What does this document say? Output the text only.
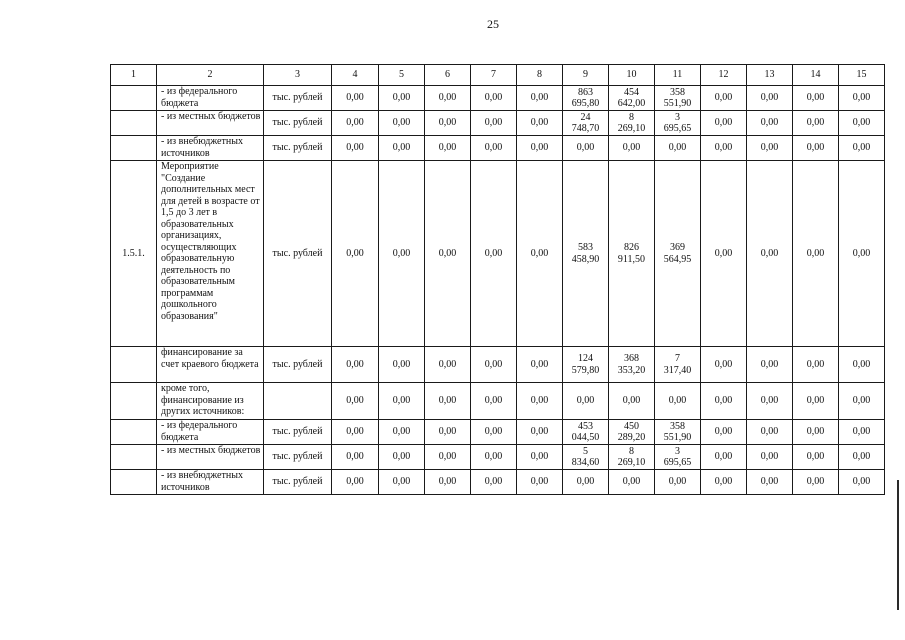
25
1	2	3	4	5	6	7	8	9	10	11	12	13	14	15
	- из федерального бюджета	тыс. рублей	0,00	0,00	0,00	0,00	0,00	863 695,80	454 642,00	358 551,90	0,00	0,00	0,00	0,00
	- из местных бюджетов	тыс. рублей	0,00	0,00	0,00	0,00	0,00	24 748,70	8 269,10	3 695,65	0,00	0,00	0,00	0,00
	- из внебюджетных источников	тыс. рублей	0,00	0,00	0,00	0,00	0,00	0,00	0,00	0,00	0,00	0,00	0,00	0,00
1.5.1.	Мероприятие "Создание дополнительных мест для детей в возрасте от 1,5 до 3 лет в образовательных организациях, осуществляющих образовательную деятельность по образовательным программам дошкольного образования"	тыс. рублей	0,00	0,00	0,00	0,00	0,00	583 458,90	826 911,50	369 564,95	0,00	0,00	0,00	0,00
	финансирование за счет краевого бюджета	тыс. рублей	0,00	0,00	0,00	0,00	0,00	124 579,80	368 353,20	7 317,40	0,00	0,00	0,00	0,00
	кроме того, финансирование из других источников:		0,00	0,00	0,00	0,00	0,00	0,00	0,00	0,00	0,00	0,00	0,00	0,00
	- из федерального бюджета	тыс. рублей	0,00	0,00	0,00	0,00	0,00	453 044,50	450 289,20	358 551,90	0,00	0,00	0,00	0,00
	- из местных бюджетов	тыс. рублей	0,00	0,00	0,00	0,00	0,00	5 834,60	8 269,10	3 695,65	0,00	0,00	0,00	0,00
	- из внебюджетных источников	тыс. рублей	0,00	0,00	0,00	0,00	0,00	0,00	0,00	0,00	0,00	0,00	0,00	0,00
